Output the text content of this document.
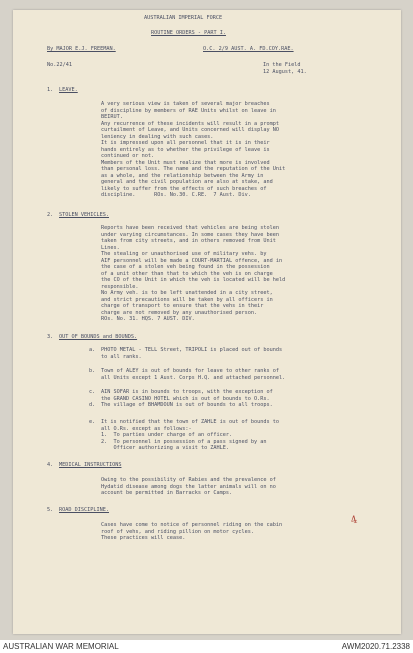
AUSTRALIAN IMPERIAL FORCE
ROUTINE ORDERS - PART I.
By MAJOR E.J. FREEMAN.	O.C. 2/9 AUST. A. FD.COY.RAE.
No.22/41	In the Field
12 August, 41.
1. LEAVE.
A very serious view is taken of several major breaches
of discipline by members of RAE Units whilst on leave in
BEIRUT.
Any recurrence of these incidents will result in a prompt
curtailment of Leave, and Units concerned will display NO
leniency in dealing with such cases.
It is impressed upon all personnel that it is in their
hands entirely as to whether the privilege of leave is
continued or not.
Members of the Unit must realize that more is involved
than personal loss. The name and the reputation of the Unit
as a whole, and the relationship between the Army in
general and the civil population are also at stake, and
likely to suffer from the effects of such breaches of
discipline.      ROs. No.30. C.RE.  7 Aust. Div.
2. STOLEN VEHICLES.
Reports have been received that vehicles are being stolen
under varying circumstances. In some cases they have been
taken from city streets, and in others removed from Unit
Lines.
The stealing or unauthorised use of military vehs. by
AIF personnel will be made a COURT-MARTIAL offence, and in
the case of a stolen veh being found in the possession
of a unit other than that to which the veh is on charge
the CO of the Unit in which the veh is located will be held
responsible.
No Army veh. is to be left unattended in a city street,
and strict precautions will be taken by all officers in
charge of transport to ensure that the vehs in their
charge are not removed by any unauthorised person.
ROs. No. 31. HQS. 7 AUST. DIV.
3. OUT OF BOUNDS and BOUNDS.
a. PHOTO METAL - TELL Street, TRIPOLI is placed out of bounds
to all ranks.
b. Town of ALEY is out of bounds for leave to other ranks of
all Units except 1 Aust. Corps H.Q. and attached personnel.
c. AIN SOFAR is in bounds to troops, with the exception of
the GRAND CASINO HOTEL which is out of bounds to O.Rs.
d. The village of BHAMDOUN is out of bounds to all troops.
e. It is notified that the town of ZAHLE is out of bounds to
all O.Rs. except as follows:-
1.  To parties under charge of an officer.
2.  To personnel in possession of a pass signed by an
Officer authorizing a visit to ZAHLE.
4. MEDICAL INSTRUCTIONS
Owing to the possibility of Rabies and the prevalence of
Hydatid disease among dogs the latter animals will on no
account be permitted in Barracks or Camps.
5. ROAD DISCIPLINE.
Cases have come to notice of personnel riding on the cabin
roof of vehs, and riding pillion on motor cycles.
These practices will cease.
4
AUSTRALIAN WAR MEMORIAL	AWM2020.71.2338
